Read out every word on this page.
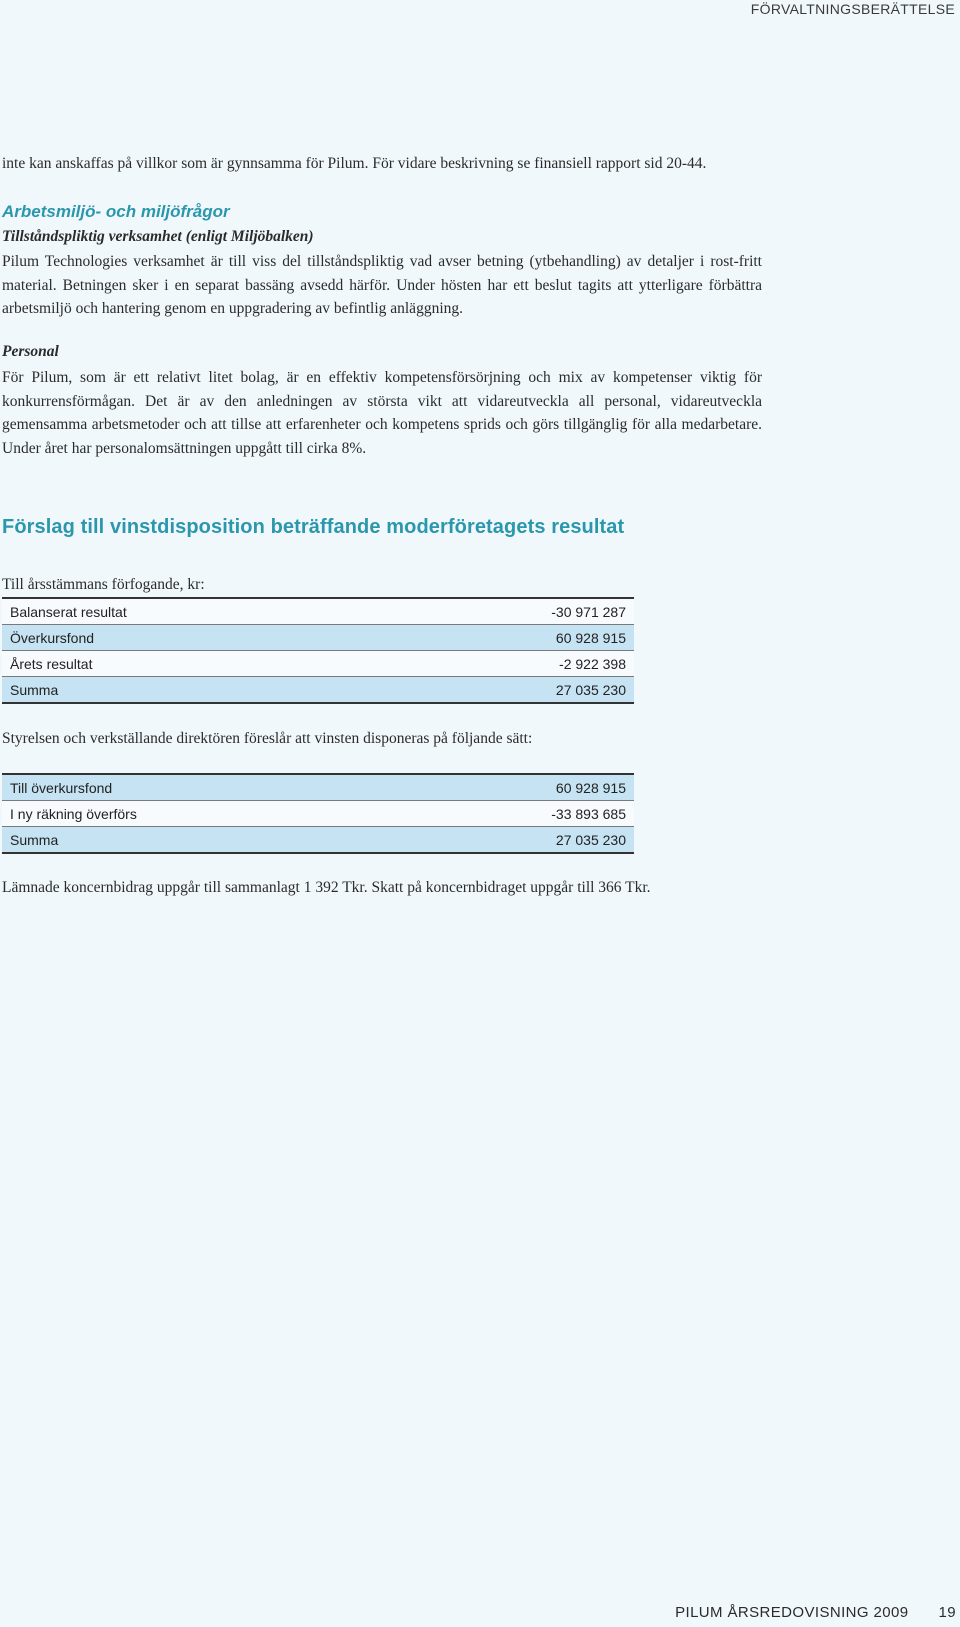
FÖRVALTNINGSBERÄTTELSE

inte kan anskaffas på villkor som är gynnsamma för Pilum. För vidare beskrivning se finansiell rapport sid 20-44.

Arbetsmiljö- och miljöfrågor
Tillståndspliktig verksamhet (enligt Miljöbalken)

Pilum Technologies verksamhet är till viss del tillståndspliktig vad avser betning (ytbehandling) av detaljer i rost-fritt material. Betningen sker i en separat bassäng avsedd härför. Under hösten har ett beslut tagits att ytterligare förbättra arbetsmiljö och hantering genom en uppgradering av befintlig anläggning.

Personal

För Pilum, som är ett relativt litet bolag, är en effektiv kompetensförsörjning och mix av kompetenser viktig för konkurrensförmågan. Det är av den anledningen av största vikt att vidareutveckla all personal, vidareutveckla gemensamma arbetsmetoder och att tillse att erfarenheter och kompetens sprids och görs tillgänglig för alla medarbetare. Under året har personalomsättningen uppgått till cirka 8%.

Förslag till vinstdisposition beträffande moderföretagets resultat

Till årsstämmans förfogande, kr:

Balanserat resultat	-30 971 287
Överkursfond	60 928 915
Årets resultat	-2 922 398
Summa	27 035 230

Styrelsen och verkställande direktören föreslår att vinsten disponeras på följande sätt:

Till överkursfond	60 928 915
I ny räkning överförs	-33 893 685
Summa	27 035 230

Lämnade koncernbidrag uppgår till sammanlagt 1 392 Tkr. Skatt på koncernbidraget uppgår till 366 Tkr.

PILUM ÅRSREDOVISNING 2009 19
